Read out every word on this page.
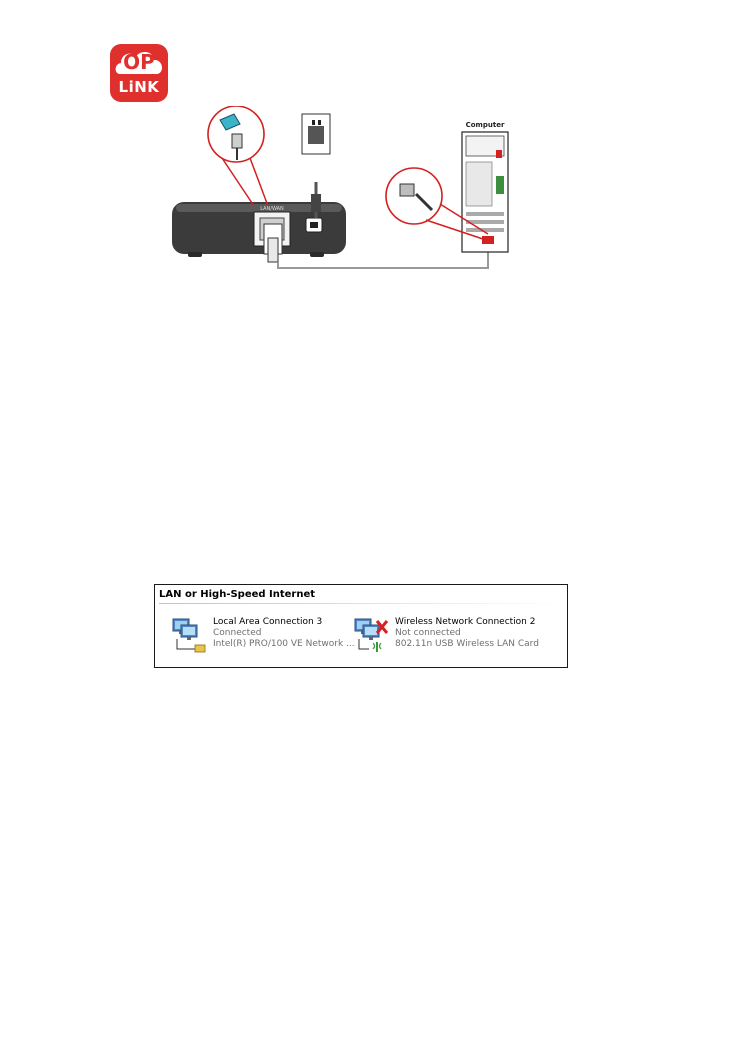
OP
LiNK
LAN/WAN
Computer
LAN or High-Speed Internet
Local Area Connection 3
Connected
Intel(R) PRO/100 VE Network ...
Wireless Network Connection 2
Not connected
802.11n USB Wireless LAN Card
